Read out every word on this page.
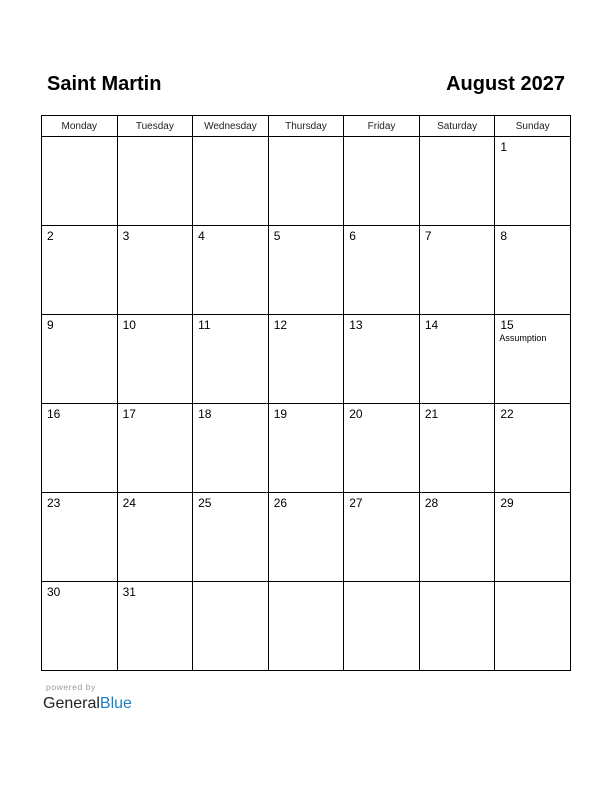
Saint Martin	August 2027
Monday	Tuesday	Wednesday	Thursday	Friday	Saturday	Sunday

						1

2	3	4	5	6	7	8

9	10	11	12	13	14	15
Assumption

16	17	18	19	20	21	22

23	24	25	26	27	28	29

30	31					

powered by
GeneralBlue
